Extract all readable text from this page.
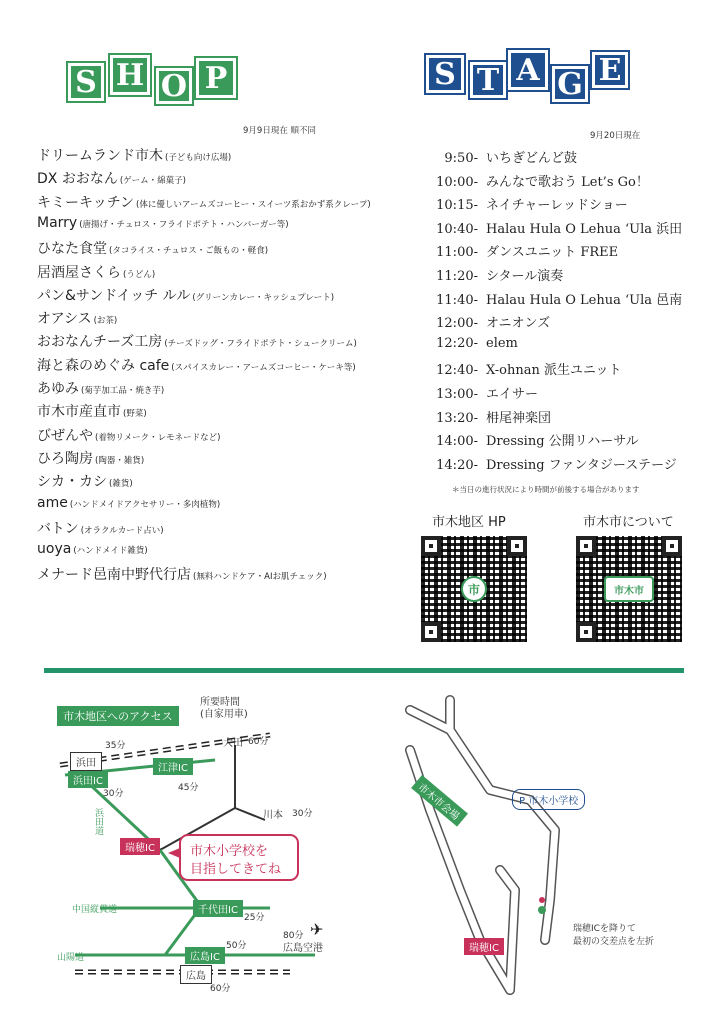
S H O P
9月9日現在 順不同
S T A G E
9月20日現在
ドリームランド市木 (子ども向け広場)
DX おおなん (ゲーム・綿菓子)
キミーキッチン (体に優しいアームズコーヒー・スイーツ系おかず系クレープ)
Marry (唐揚げ・チュロス・フライドポテト・ハンバーガー等)
ひなた食堂 (タコライス・チュロス・ご飯もの・軽食)
居酒屋さくら (うどん)
パン&サンドイッチ ルル (グリーンカレー・キッシュプレート)
オアシス (お茶)
おおなんチーズ工房 (チーズドッグ・フライドポテト・シュークリーム)
海と森のめぐみ cafe (スパイスカレー・アームズコーヒー・ケーキ等)
あゆみ (菊芋加工品・焼き芋)
市木市産直市 (野菜)
びぜんや (着物リメーク・レモネードなど)
ひろ陶房 (陶器・雑貨)
シカ・カシ (雑貨)
ame (ハンドメイドアクセサリー・多肉植物)
バトン (オラクルカード占い)
uoya (ハンドメイド雑貨)
メナード邑南中野代行店 (無料ハンドケア・AIお肌チェック)
9:50- いちぎどんど鼓
10:00- みんなで歌おう Let’s Go！
10:15- ネイチャーレッドショー
10:40- Halau Hula O Lehua ‘Ula 浜田
11:00- ダンスユニット FREE
11:20- シタール演奏
11:40- Halau Hula O Lehua ‘Ula 邑南
12:00- オニオンズ
12:20- elem
12:40- X-ohnan 派生ユニット
13:00- エイサー
13:20- 枏尾神楽団
14:00- Dressing 公開リハーサル
14:20- Dressing ファンタジーステージ
＊当日の進行状況により時間が前後する場合があります
市木地区 HP	市木市について
市	市木市
✈
市木地区へのアクセス
所要時間
(自家用車)
浜田
浜田IC
江津IC
浜田道
瑞穂IC
大田
川本
中国縦貫道	千代田IC
山陽道	広島IC
広島
広島空港
35分
45分
30分
60分
30分
25分
50分
80分
60分
市木小学校を
目指してきてね
市木市会場	P 市木小学校
瑞穂IC
瑞穂ICを降りて
最初の交差点を左折
